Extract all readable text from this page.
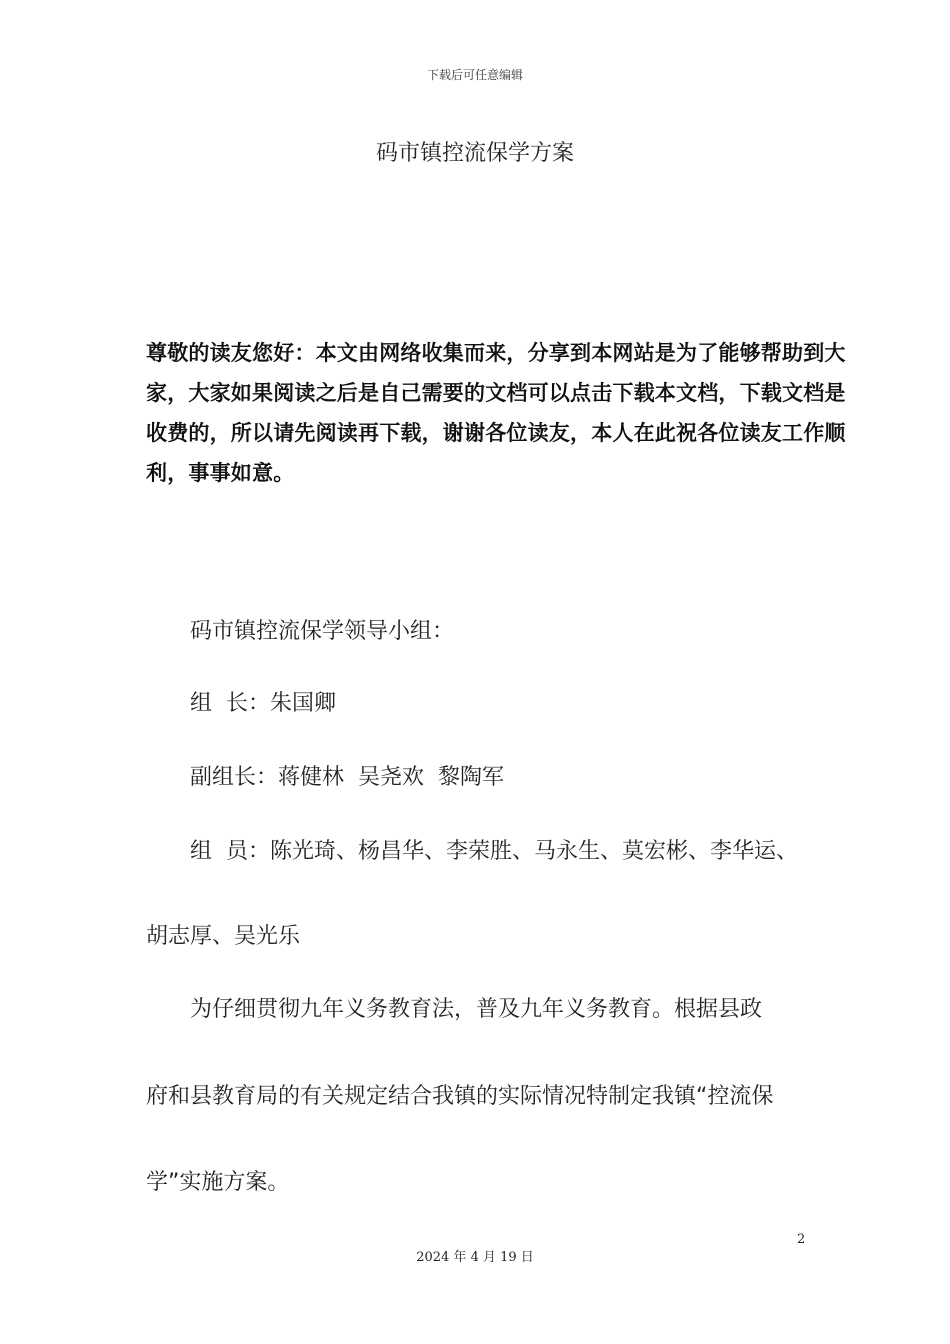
下载后可任意编辑
码市镇控流保学方案
尊敬的读友您好：本文由网络收集而来，分享到本网站是为了能够帮助到大
家，大家如果阅读之后是自己需要的文档可以点击下载本文档，下载文档是
收费的，所以请先阅读再下载，谢谢各位读友，本人在此祝各位读友工作顺
利，事事如意。
码市镇控流保学领导小组：
组  长：朱国卿
副组长：蒋健林  吴尧欢  黎陶军
组  员：陈光琦、杨昌华、李荣胜、马永生、莫宏彬、李华运、
胡志厚、吴光乐
为仔细贯彻九年义务教育法，普及九年义务教育。根据县政
府和县教育局的有关规定结合我镇的实际情况特制定我镇“控流保
学”实施方案。
2
2024 年 4 月 19 日
